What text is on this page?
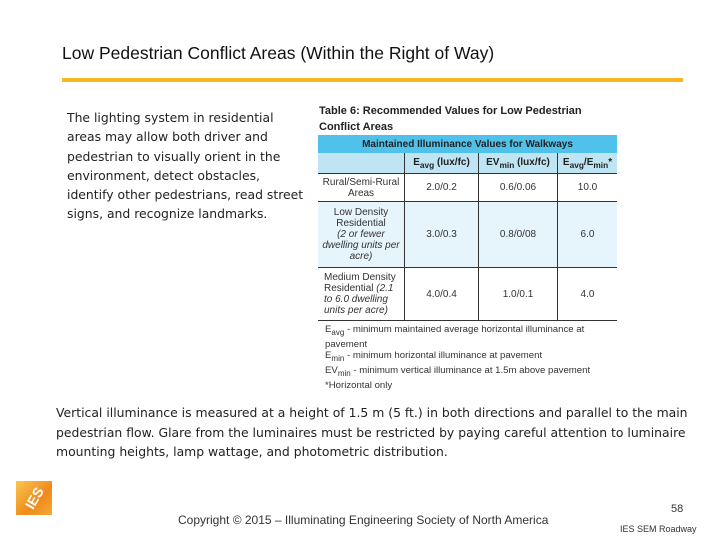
Low Pedestrian Conflict Areas (Within the Right of Way)
The lighting system in residential areas may allow both driver and pedestrian to visually orient in the environment, detect obstacles, identify other pedestrians, read street signs, and recognize landmarks.
Table 6: Recommended Values for Low Pedestrian Conflict Areas
Maintained Illuminance Values for Walkways			
	$E_{avg}$ (lux/fc)	$EV_{min}$ (lux/fc)	$E_{avg}/E_{min}*$
Rural/Semi-Rural Areas	2.0/0.2	0.6/0.06	10.0
Low Density Residential
(2 or fewer dwelling units per acre)	3.0/0.3	0.8/0/08	6.0
Medium Density Residential (2.1 to 6.0 dwelling units per acre)	4.0/0.4	1.0/0.1	4.0
$E_{avg}$ - minimum maintained average horizontal illuminance at pavement
$E_{min}$ - minimum horizontal illuminance at pavement
$EV_{min}$ - minimum vertical illuminance at 1.5m above pavement
*Horizontal only
Vertical illuminance is measured at a height of 1.5 m (5 ft.) in both directions and parallel to the main pedestrian flow. Glare from the luminaires must be restricted by paying careful attention to luminaire mounting heights, lamp wattage, and photometric distribution.
IES
Copyright © 2015 – Illuminating Engineering Society of North America
58
IES SEM Roadway
